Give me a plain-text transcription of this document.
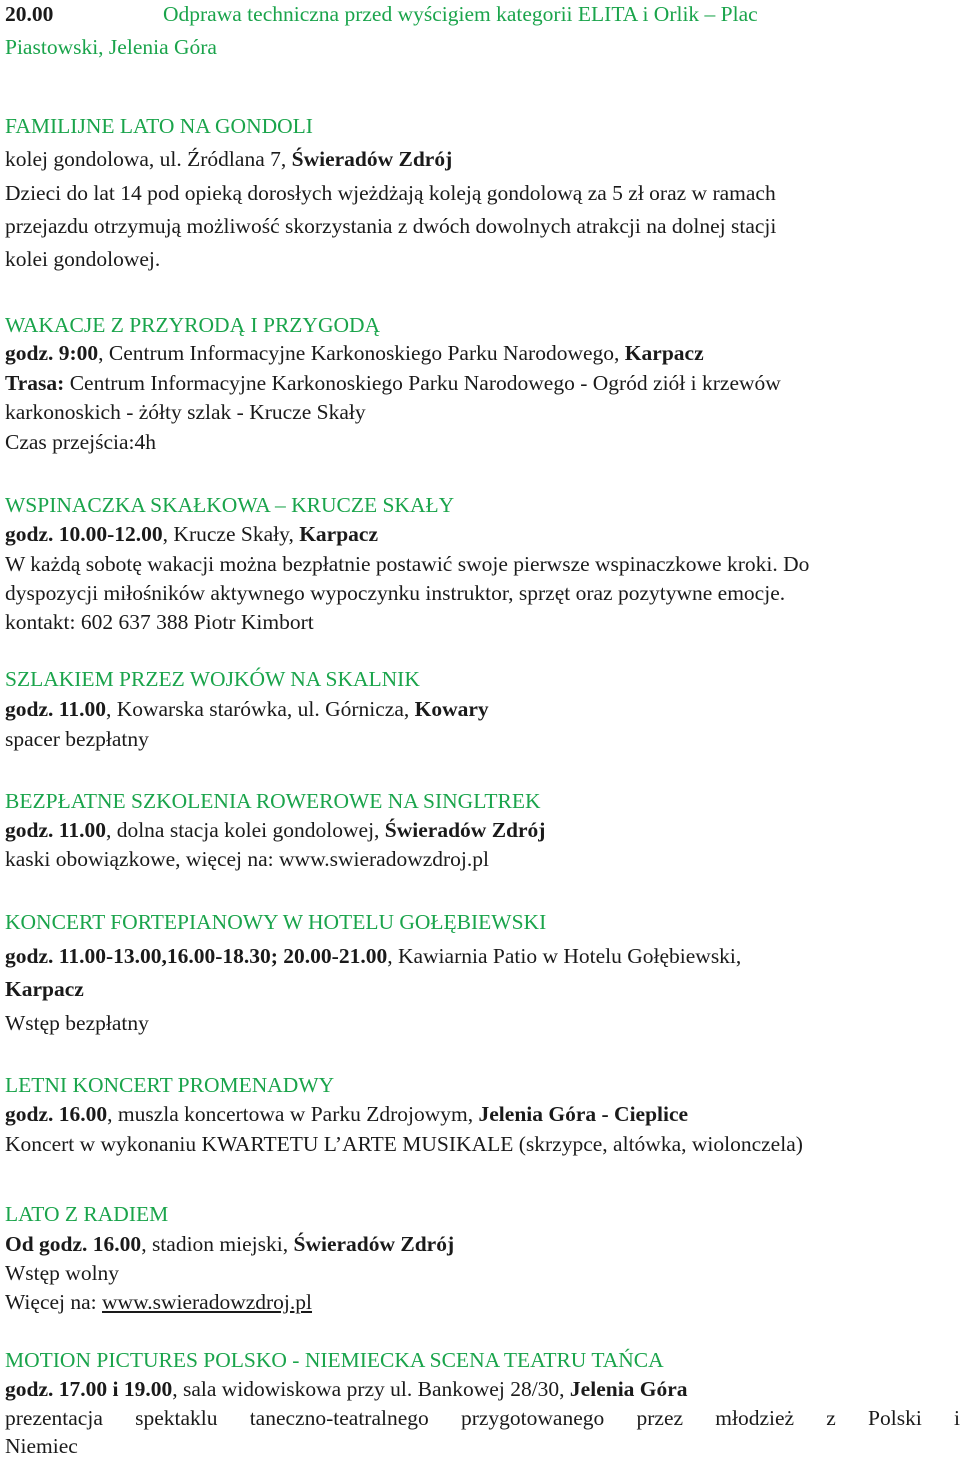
20.00	Odprawa techniczna przed wyścigiem kategorii ELITA i Orlik – Plac
Piastowski, Jelenia Góra
FAMILIJNE LATO NA GONDOLI
kolej gondolowa, ul. Źródlana 7, Świeradów Zdrój
Dzieci do lat 14 pod opieką dorosłych wjeżdżają koleją gondolową za 5 zł oraz w ramach
przejazdu otrzymują możliwość skorzystania z dwóch dowolnych atrakcji na dolnej stacji
kolei gondolowej.
WAKACJE Z PRZYRODĄ I PRZYGODĄ
godz. 9:00, Centrum Informacyjne Karkonoskiego Parku Narodowego, Karpacz
Trasa: Centrum Informacyjne Karkonoskiego Parku Narodowego - Ogród ziół i krzewów
karkonoskich - żółty szlak - Krucze Skały
Czas przejścia:4h
WSPINACZKA SKAŁKOWA – KRUCZE SKAŁY
godz. 10.00-12.00, Krucze Skały, Karpacz
W każdą sobotę wakacji można bezpłatnie postawić swoje pierwsze wspinaczkowe kroki. Do
dyspozycji miłośników aktywnego wypoczynku instruktor, sprzęt oraz pozytywne emocje.
kontakt: 602 637 388 Piotr Kimbort
SZLAKIEM PRZEZ WOJKÓW NA SKALNIK
godz. 11.00, Kowarska starówka, ul. Górnicza, Kowary
spacer bezpłatny
BEZPŁATNE SZKOLENIA ROWEROWE NA SINGLTREK
godz. 11.00, dolna stacja kolei gondolowej, Świeradów Zdrój
kaski obowiązkowe, więcej na: www.swieradowzdroj.pl
KONCERT FORTEPIANOWY W HOTELU GOŁĘBIEWSKI
godz. 11.00-13.00,16.00-18.30; 20.00-21.00, Kawiarnia Patio w Hotelu Gołębiewski,
Karpacz
Wstęp bezpłatny
LETNI KONCERT PROMENADWY
godz. 16.00, muszla koncertowa w Parku Zdrojowym, Jelenia Góra - Cieplice
Koncert w wykonaniu KWARTETU L’ARTE MUSIKALE (skrzypce, altówka, wiolonczela)
LATO Z RADIEM
Od godz. 16.00, stadion miejski, Świeradów Zdrój
Wstęp wolny
Więcej na: www.swieradowzdroj.pl
MOTION PICTURES POLSKO - NIEMIECKA SCENA TEATRU TAŃCA
godz. 17.00 i 19.00, sala widowiskowa przy ul. Bankowej 28/30, Jelenia Góra
prezentacja spektaklu taneczno-teatralnego przygotowanego przez młodzież z Polski i
Niemiec
